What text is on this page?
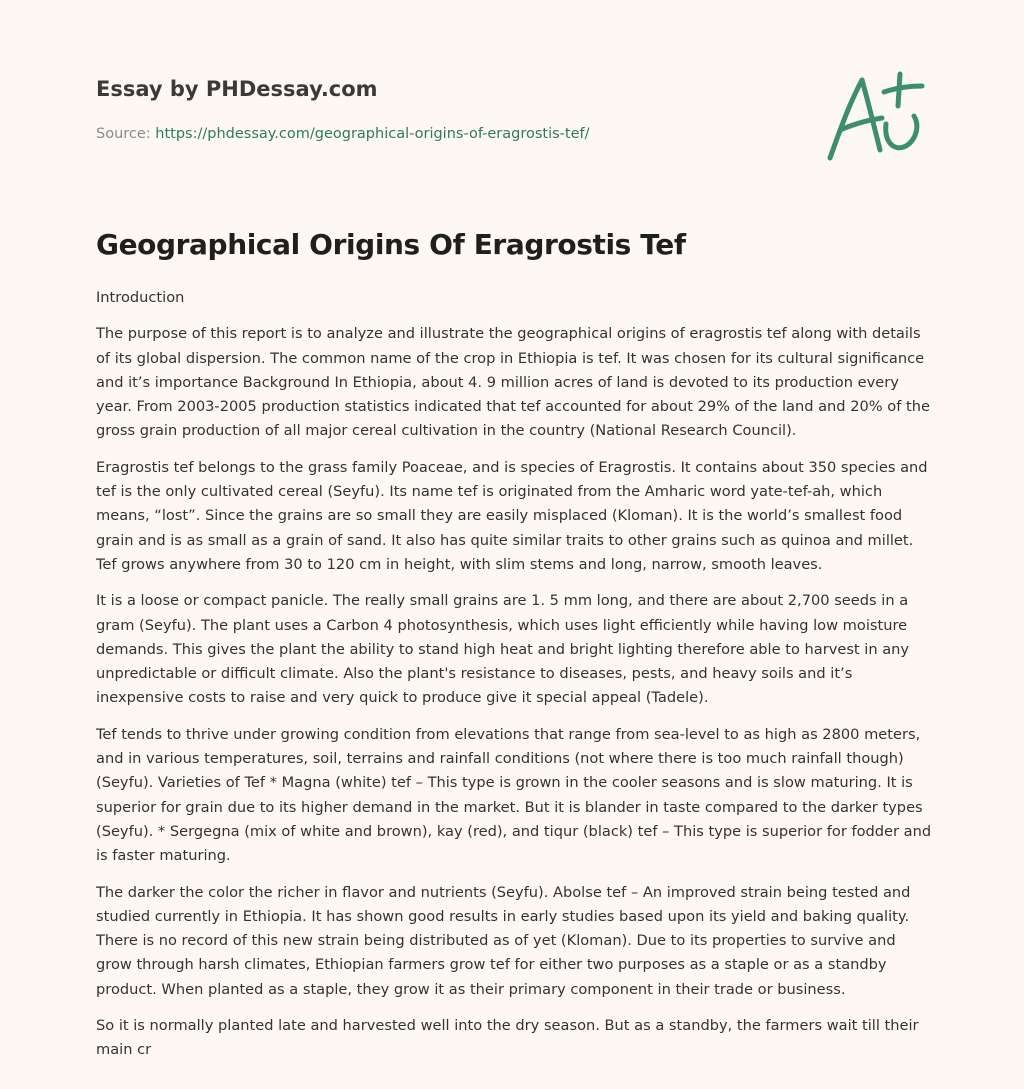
Essay by PHDessay.com
Source: https://phdessay.com/geographical-origins-of-eragrostis-tef/
Geographical Origins Of Eragrostis Tef

Introduction

The purpose of this report is to analyze and illustrate the geographical origins of eragrostis tef along with details of its global dispersion. The common name of the crop in Ethiopia is tef. It was chosen for its cultural significance and it’s importance Background In Ethiopia, about 4. 9 million acres of land is devoted to its production every year. From 2003-2005 production statistics indicated that tef accounted for about 29% of the land and 20% of the gross grain production of all major cereal cultivation in the country (National Research Council).

Eragrostis tef belongs to the grass family Poaceae, and is species of Eragrostis. It contains about 350 species and tef is the only cultivated cereal (Seyfu). Its name tef is originated from the Amharic word yate-tef-ah, which means, “lost”. Since the grains are so small they are easily misplaced (Kloman). It is the world’s smallest food grain and is as small as a grain of sand. It also has quite similar traits to other grains such as quinoa and millet. Tef grows anywhere from 30 to 120 cm in height, with slim stems and long, narrow, smooth leaves.

It is a loose or compact panicle. The really small grains are 1. 5 mm long, and there are about 2,700 seeds in a gram (Seyfu). The plant uses a Carbon 4 photosynthesis, which uses light efficiently while having low moisture demands. This gives the plant the ability to stand high heat and bright lighting therefore able to harvest in any unpredictable or difficult climate. Also the plant's resistance to diseases, pests, and heavy soils and it’s inexpensive costs to raise and very quick to produce give it special appeal (Tadele).

Tef tends to thrive under growing condition from elevations that range from sea-level to as high as 2800 meters, and in various temperatures, soil, terrains and rainfall conditions (not where there is too much rainfall though) (Seyfu). Varieties of Tef * Magna (white) tef – This type is grown in the cooler seasons and is slow maturing. It is superior for grain due to its higher demand in the market. But it is blander in taste compared to the darker types (Seyfu). * Sergegna (mix of white and brown), kay (red), and tiqur (black) tef – This type is superior for fodder and is faster maturing.

The darker the color the richer in flavor and nutrients (Seyfu). Abolse tef – An improved strain being tested and studied currently in Ethiopia. It has shown good results in early studies based upon its yield and baking quality. There is no record of this new strain being distributed as of yet (Kloman). Due to its properties to survive and grow through harsh climates, Ethiopian farmers grow tef for either two purposes as a staple or as a standby product. When planted as a staple, they grow it as their primary component in their trade or business.

So it is normally planted late and harvested well into the dry season. But as a standby, the farmers wait till their main cr
